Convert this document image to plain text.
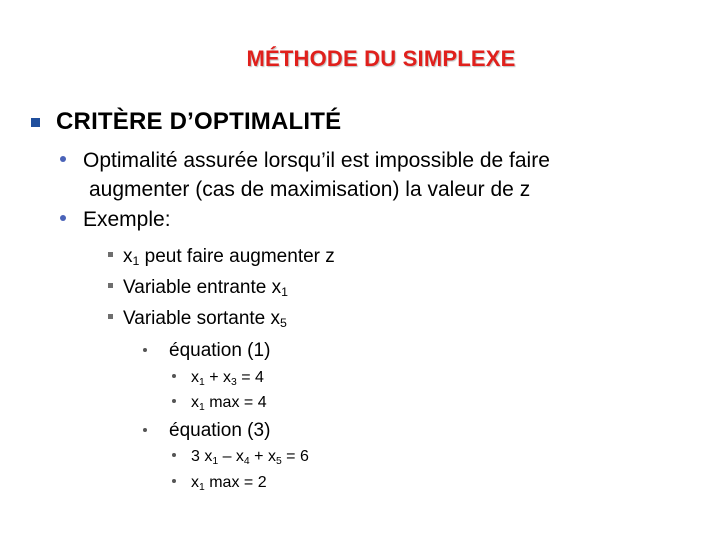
MÉTHODE DU SIMPLEXE
CRITÈRE D’OPTIMALITÉ
Optimalité assurée lorsqu’il est impossible de faire
augmenter (cas de maximisation) la valeur de z
Exemple:
$x_1$ peut faire augmenter z
Variable entrante $x_1$
Variable sortante $x_5$
équation (1)
$x_1 + x_3 = 4$
$x_1$ max = 4
équation (3)
3 $x_1 - x_4 + x_5 = 6$
$x_1$ max = 2
